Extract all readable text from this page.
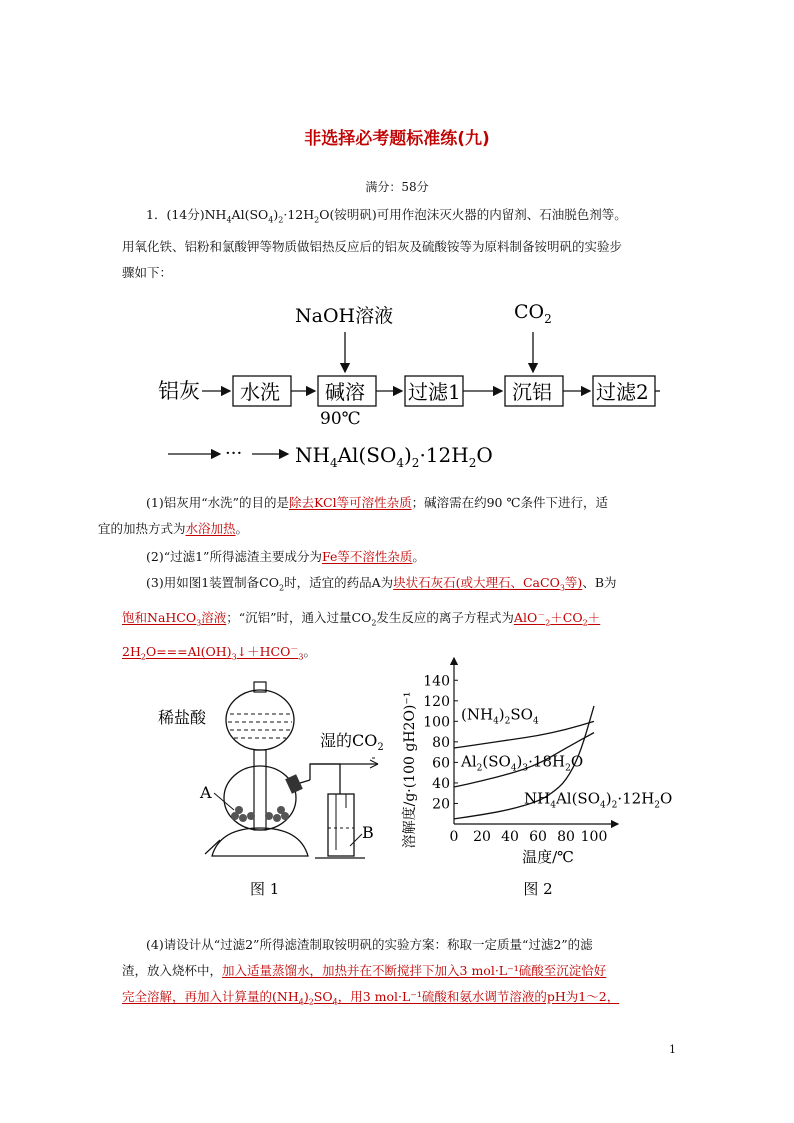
非选择必考题标准练(九)
满分：58分
1．(14分)$NH_4Al(SO_4)_2\cdot 12H_2O$(铵明矾)可用作泡沫灭火器的内留剂、石油脱色剂等。
用氧化铁、铝粉和氯酸钾等物质做铝热反应后的铝灰及硫酸铵等为原料制备铵明矾的实验步
骤如下：
NaOH溶液	$CO_2$
铝灰 水洗 碱溶
90℃
过滤1	沉铝 过滤2
···	$NH_4Al(SO_4)_2\cdot 12H_2O$
(1)铝灰用“水洗”的目的是除去KCl等可溶性杂质；碱溶需在约90 ℃条件下进行，适
宜的加热方式为水浴加热。
(2)“过滤1”所得滤渣主要成分为Fe等不溶性杂质。
(3)用如图1装置制备$CO_2$时，适宜的药品A为块状石灰石(或大理石、CaCO$_3$等)、B为
饱和NaHCO$_3$溶液；“沉铝”时，通入过量$CO_2$发生反应的离子方程式为$AlO^-_2+CO_2+$
$2H_2O===Al(OH)_3↓+HCO^-_3$。
稀盐酸
湿的$CO_2$
A
B
图 1
20
40
60
80
100
120
140
0 20 40 60 80 100
$(NH_4)_2SO_4$
$Al_2(SO_4)_3\cdot 18H_2O$
$NH_4Al(SO_4)_2\cdot 12H_2O$
溶解度/g·(100 gH2O)⁻¹
温度/℃
图 2
(4)请设计从“过滤2”所得滤渣制取铵明矾的实验方案：称取一定质量“过滤2”的滤
渣，放入烧杯中，加入适量蒸馏水，加热并在不断搅拌下加入3 mol·L⁻¹硫酸至沉淀恰好
完全溶解，再加入计算量的$(NH_4)_2SO_4$，用3 mol·L⁻¹硫酸和氨水调节溶液的pH为1～2，
1
